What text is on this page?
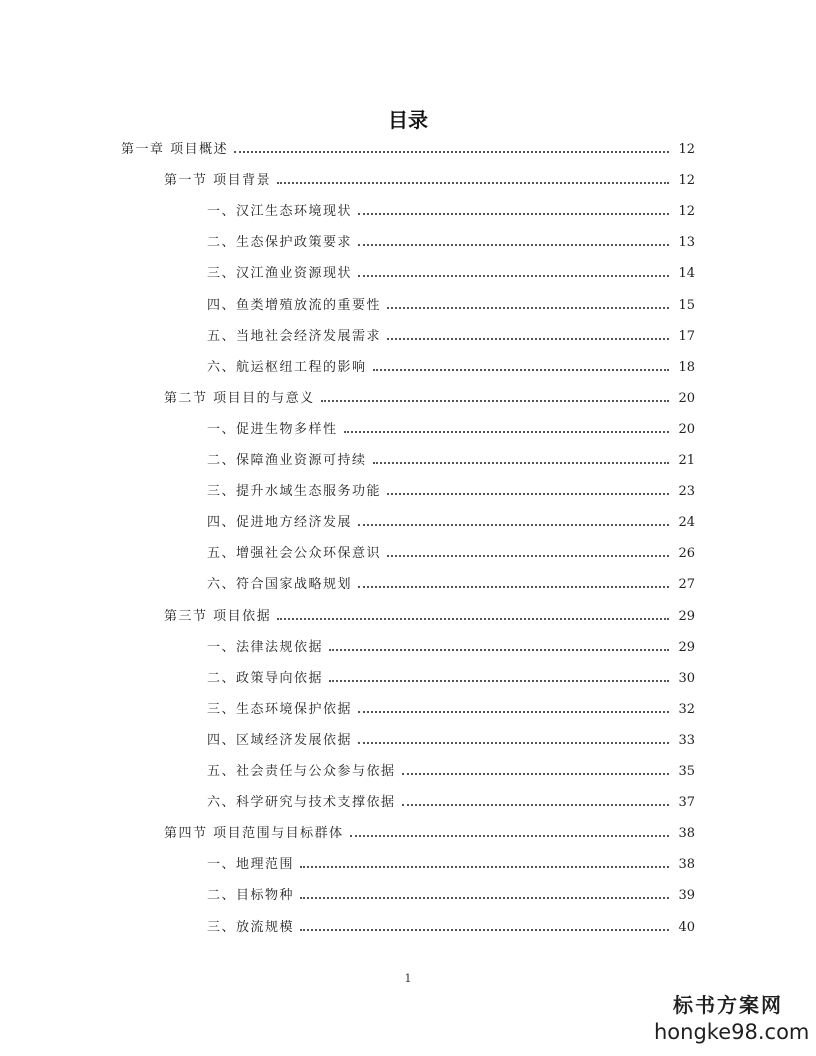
目录
第一章 项目概述	12
第一节 项目背景	12
一、汉江生态环境现状	12
二、生态保护政策要求	13
三、汉江渔业资源现状	14
四、鱼类增殖放流的重要性	15
五、当地社会经济发展需求	17
六、航运枢纽工程的影响	18
第二节 项目目的与意义	20
一、促进生物多样性	20
二、保障渔业资源可持续	21
三、提升水域生态服务功能	23
四、促进地方经济发展	24
五、增强社会公众环保意识	26
六、符合国家战略规划	27
第三节 项目依据	29
一、法律法规依据	29
二、政策导向依据	30
三、生态环境保护依据	32
四、区域经济发展依据	33
五、社会责任与公众参与依据	35
六、科学研究与技术支撑依据	37
第四节 项目范围与目标群体	38
一、地理范围	38
二、目标物种	39
三、放流规模	40
1
标书方案网
hongke98.com
